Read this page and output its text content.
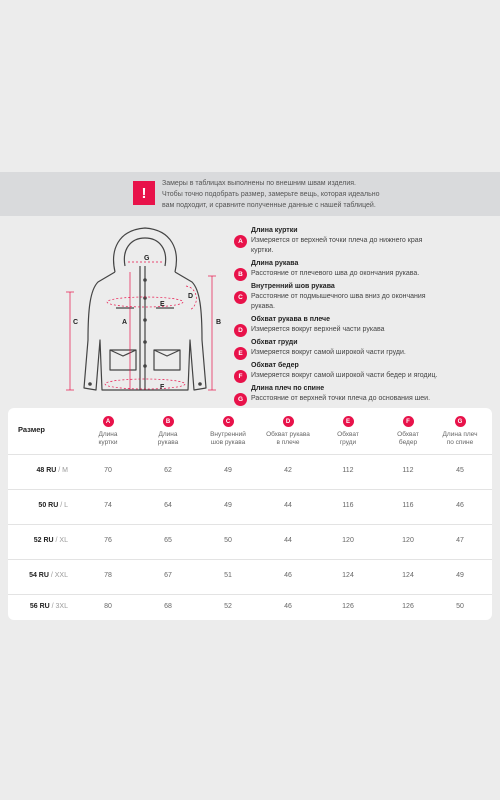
!
Замеры в таблицах выполнены по внешним швам изделия.
Чтобы точно подобрать размер, замерьте вещь, которая идеально
вам подходит, и сравните полученные данные с нашей таблицей.
G
E
D
A	B
C
F
A
Длина куртки
Измеряется от верхней точки плеча до нижнего края куртки.
B
Длина рукава
Расстояние от плечевого шва до окончания рукава.
C
Внутренний шов рукава
Расстояние от подмышечного шва вниз до окончания рукава.
D
Обхват рукава в плече
Измеряется вокруг верхней части рукава
E
Обхват груди
Измеряется вокруг самой широкой части груди.
F
Обхват бедер
Измеряется вокруг самой широкой части бедер и ягодиц.
G
Длина плеч по спине
Расстояние от верхней точки плеча до основания шеи.
Размер
A
Длина
куртки
B
Длина
рукава
C
Внутренний
шов рукава
D
Обхват рукава
в плече
E
Обхват
груди
F
Обхват
бедер
G
Длина плеч
по спине
48 RU / M	70	62	49	42	112	112	45
50 RU / L	74	64	49	44	116	116	46
52 RU / XL	76	65	50	44	120	120	47
54 RU / XXL	78	67	51	46	124	124	49
56 RU / 3XL	80	68	52	46	126	126	50
